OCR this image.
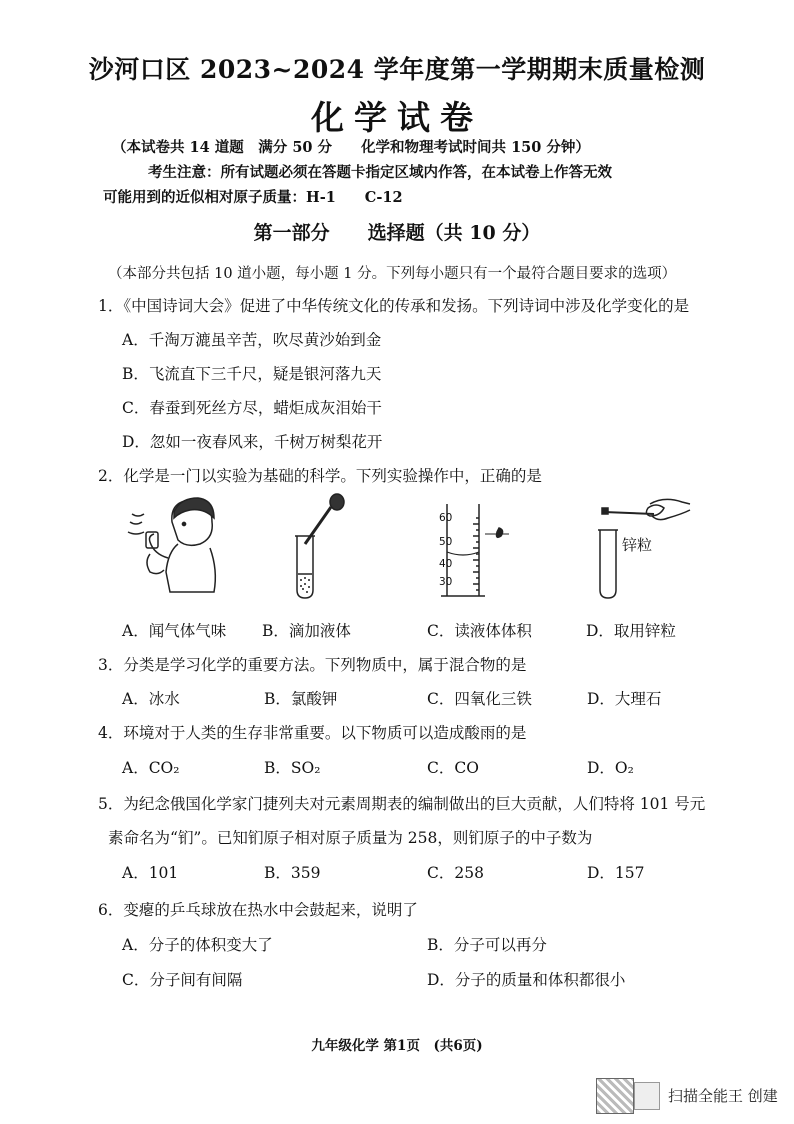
沙河口区 2023~2024 学年度第一学期期末质量检测
化学试卷
（本试卷共 14 道题　满分 50 分　　化学和物理考试时间共 150 分钟）
考生注意：所有试题必须在答题卡指定区域内作答，在本试卷上作答无效
可能用到的近似相对原子质量：H-1　　C-12
第一部分　　选择题（共 10 分）
（本部分共包括 10 道小题，每小题 1 分。下列每小题只有一个最符合题目要求的选项）
1．《中国诗词大会》促进了中华传统文化的传承和发扬。下列诗词中涉及化学变化的是
A．千淘万漉虽辛苦，吹尽黄沙始到金
B．飞流直下三千尺，疑是银河落九天
C．春蚕到死丝方尽，蜡炬成灰泪始干
D．忽如一夜春风来，千树万树梨花开
2．化学是一门以实验为基础的科学。下列实验操作中，正确的是
60
50
40
30
锌粒
A．闻气体气味 B．滴加液体	C．读液体体积	D．取用锌粒
3．分类是学习化学的重要方法。下列物质中，属于混合物的是
A．冰水	B．氯酸钾	C．四氧化三铁	D．大理石
4．环境对于人类的生存非常重要。以下物质可以造成酸雨的是
A．CO₂	B．SO₂	C．CO	D．O₂
5．为纪念俄国化学家门捷列夫对元素周期表的编制做出的巨大贡献，人们特将 101 号元
素命名为“钔”。已知钔原子相对原子质量为 258，则钔原子的中子数为
A．101	B．359	C．258	D．157
6．变瘪的乒乓球放在热水中会鼓起来，说明了
A．分子的体积变大了	B．分子可以再分
C．分子间有间隔	D．分子的质量和体积都很小
九年级化学 第1页　(共6页)
扫描全能王 创建
